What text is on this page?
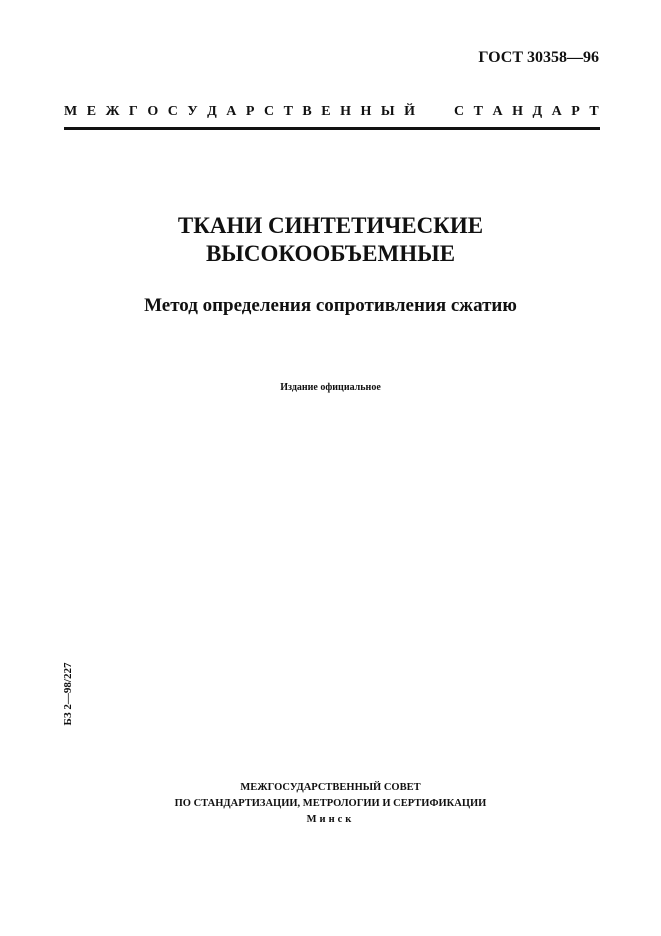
ГОСТ 30358—96
М Е Ж Г О С У Д А Р С Т В Е Н Н Ы Й	С Т А Н Д А Р Т
ТКАНИ СИНТЕТИЧЕСКИЕ
ВЫСОКООБЪЕМНЫЕ
Метод определения сопротивления сжатию
Издание официальное
БЗ 2—98/227
МЕЖГОСУДАРСТВЕННЫЙ СОВЕТ
ПО СТАНДАРТИЗАЦИИ, МЕТРОЛОГИИ И СЕРТИФИКАЦИИ
Минск
